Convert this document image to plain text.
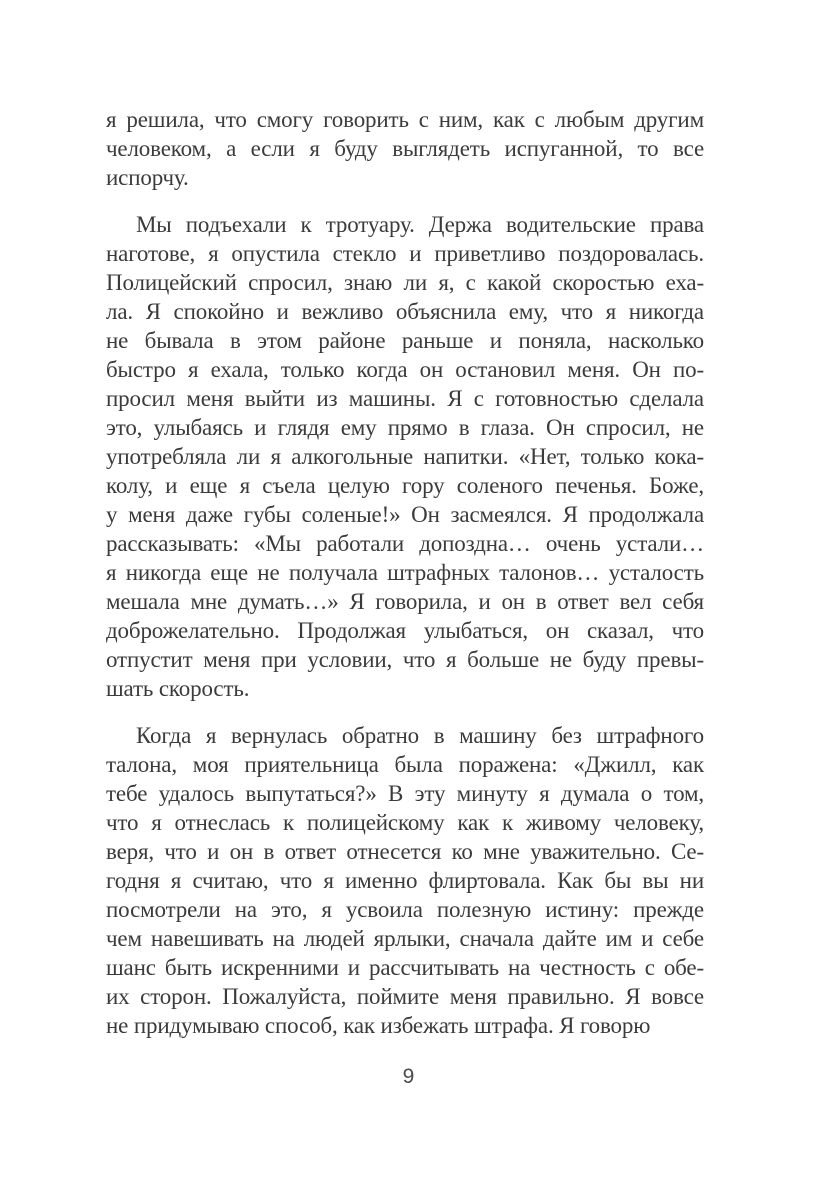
я решила, что смогу говорить с ним, как с любым другим
человеком, а если я буду выглядеть испуганной, то все
испорчу.
Мы подъехали к тротуару. Держа водительские права
наготове, я опустила стекло и приветливо поздоровалась.
Полицейский спросил, знаю ли я, с какой скоростью еха-
ла. Я спокойно и вежливо объяснила ему, что я никогда
не бывала в этом районе раньше и поняла, насколько
быстро я ехала, только когда он остановил меня. Он по-
просил меня выйти из машины. Я с готовностью сделала
это, улыбаясь и глядя ему прямо в глаза. Он спросил, не
употребляла ли я алкогольные напитки. «Нет, только кока-
колу, и еще я съела целую гору соленого печенья. Боже,
у меня даже губы соленые!» Он засмеялся. Я продолжала
рассказывать: «Мы работали допоздна… очень устали…
я никогда еще не получала штрафных талонов… усталость
мешала мне думать…» Я говорила, и он в ответ вел себя
доброжелательно. Продолжая улыбаться, он сказал, что
отпустит меня при условии, что я больше не буду превы-
шать скорость.
Когда я вернулась обратно в машину без штрафного
талона, моя приятельница была поражена: «Джилл, как
тебе удалось выпутаться?» В эту минуту я думала о том,
что я отнеслась к полицейскому как к живому человеку,
веря, что и он в ответ отнесется ко мне уважительно. Се-
годня я считаю, что я именно флиртовала. Как бы вы ни
посмотрели на это, я усвоила полезную истину: прежде
чем навешивать на людей ярлыки, сначала дайте им и себе
шанс быть искренними и рассчитывать на честность с обе-
их сторон. Пожалуйста, поймите меня правильно. Я вовсе
не придумываю способ, как избежать штрафа. Я говорю
9
